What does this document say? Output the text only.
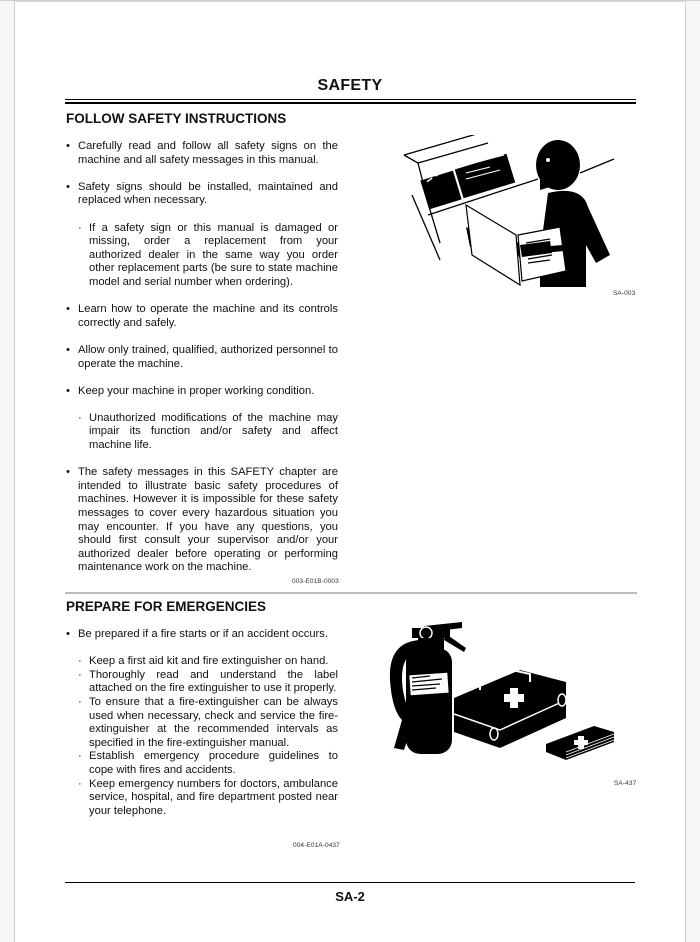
SAFETY
FOLLOW SAFETY INSTRUCTIONS

• Carefully read and follow all safety signs on the machine and all safety messages in this manual.

• Safety signs should be installed, maintained and replaced when necessary.

· If a safety sign or this manual is damaged or missing, order a replacement from your authorized dealer in the same way you order other replacement parts (be sure to state machine model and serial number when ordering).

• Learn how to operate the machine and its controls correctly and safely.

• Allow only trained, qualified, authorized personnel to operate the machine.

• Keep your machine in proper working condition.

· Unauthorized modifications of the machine may impair its function and/or safety and affect machine life.

• The safety messages in this SAFETY chapter are intended to illustrate basic safety procedures of machines. However it is impossible for these safety messages to cover every hazardous situation you may encounter. If you have any questions, you should first consult your supervisor and/or your authorized dealer before operating or performing maintenance work on the machine.

003-E01B-0003
SA-003
PREPARE FOR EMERGENCIES

• Be prepared if a fire starts or if an accident occurs.

· Keep a first aid kit and fire extinguisher on hand.

· Thoroughly read and understand the label attached on the fire extinguisher to use it properly.

· To ensure that a fire-extinguisher can be always used when necessary, check and service the fire-extinguisher at the recommended intervals as specified in the fire-extinguisher manual.

· Establish emergency procedure guidelines to cope with fires and accidents.

· Keep emergency numbers for doctors, ambulance service, hospital, and fire department posted near your telephone.

004-E01A-0437
SA-437
SA-2
